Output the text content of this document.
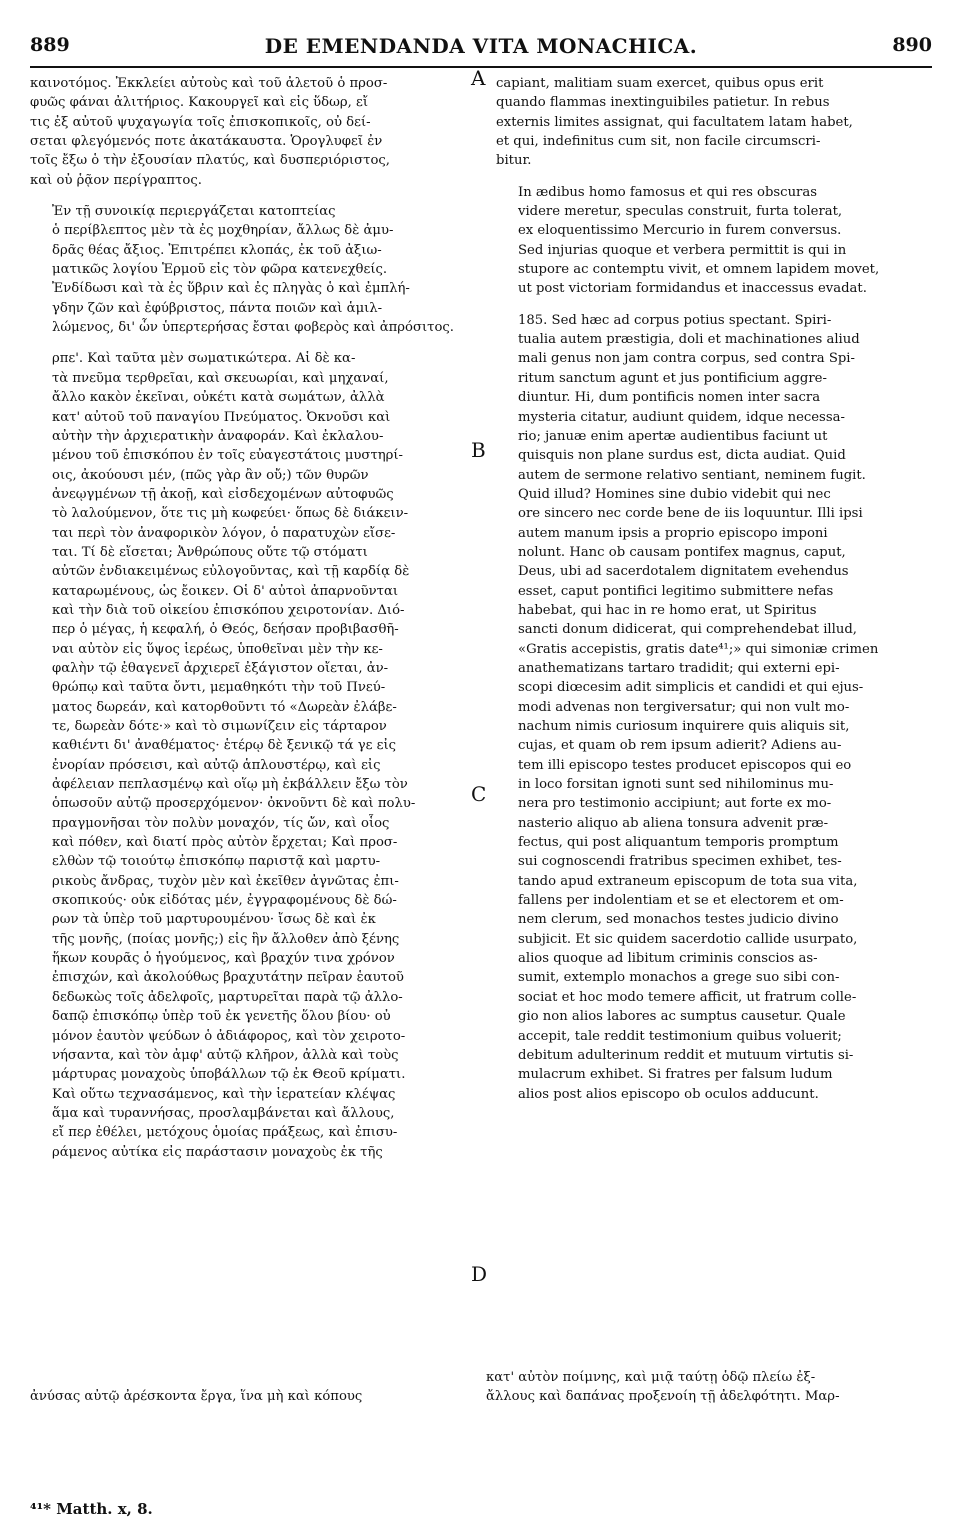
889	DE EMENDANDA VITA MONACHICA.	890
καινοτόμος. Ἐκκλείει αὐτοὺς καὶ τοῦ ἀλετοῦ ὁ προσ-
φυῶς φάναι ἀλιτήριος. Κακουργεῖ καὶ εἰς ὕδωρ, εἴ
τις ἐξ αὐτοῦ ψυχαγωγία τοῖς ἐπισκοπικοῖς, οὐ δεί-
σεται φλεγόμενός ποτε ἀκατάκαυστα. Ὁρογλυφεῖ ἐν
τοῖς ἔξω ὁ τὴν ἐξουσίαν πλατύς, καὶ δυσπεριόριστος,
καὶ οὐ ῥᾷον περίγραπτος.
Ἐν τῇ συνοικίᾳ περιεργάζεται κατοπτείας
ὁ περίβλεπτος μὲν τὰ ἐς μοχθηρίαν, ἄλλως δὲ ἀμυ-
δρᾶς θέας ἄξιος. Ἐπιτρέπει κλοπάς, ἐκ τοῦ ἀξιω-
ματικῶς λογίου Ἑρμοῦ εἰς τὸν φῶρα κατενεχθείς.
Ἐνδίδωσι καὶ τὰ ἐς ὕβριν καὶ ἐς πληγὰς ὁ καὶ ἐμπλή-
γδην ζῶν καὶ ἐφύβριστος, πάντα ποιῶν καὶ ἁμιλ-
λώμενος, δι' ὧν ὑπερτερήσας ἔσται φοβερὸς καὶ ἀπρόσιτος.
ρπε'. Καὶ ταῦτα μὲν σωματικώτερα. Αἱ δὲ κα-
τὰ πνεῦμα τερθρεῖαι, καὶ σκευωρίαι, καὶ μηχαναί,
ἄλλο κακὸν ἐκεῖναι, οὐκέτι κατὰ σωμάτων, ἀλλὰ
κατ' αὐτοῦ τοῦ παναγίου Πνεύματος. Ὀκνοῦσι καὶ
αὐτὴν τὴν ἀρχιερατικὴν ἀναφοράν. Καὶ ἐκλαλου-
μένου τοῦ ἐπισκόπου ἐν τοῖς εὐαγεστάτοις μυστηρί-
οις, ἀκούουσι μέν, (πῶς γὰρ ἂν οὔ;) τῶν θυρῶν
ἀνεῳγμένων τῇ ἀκοῇ, καὶ εἰσδεχομένων αὐτοφυῶς
τὸ λαλούμενον, ὅτε τις μὴ κωφεύει· ὅπως δὲ διάκειν-
ται περὶ τὸν ἀναφορικὸν λόγον, ὁ παρατυχὼν εἴσε-
ται. Τί δὲ εἴσεται; Ἀνθρώπους οὔτε τῷ στόματι
αὐτῶν ἐνδιακειμένως εὐλογοῦντας, καὶ τῇ καρδίᾳ δὲ
καταρωμένους, ὡς ἔοικεν. Οἱ δ' αὐτοὶ ἀπαρνοῦνται
καὶ τὴν διὰ τοῦ οἰκείου ἐπισκόπου χειροτονίαν. Διό-
περ ὁ μέγας, ἡ κεφαλή, ὁ Θεός, δεήσαν προβιβασθῆ-
ναι αὐτὸν εἰς ὕψος ἱερέως, ὑποθεῖναι μὲν τὴν κε-
φαλὴν τῷ ἐθαγενεῖ ἀρχιερεῖ ἐξάγιστον οἴεται, ἀν-
θρώπῳ καὶ ταῦτα ὄντι, μεμαθηκότι τὴν τοῦ Πνεύ-
ματος δωρεάν, καὶ κατορθοῦντι τό «Δωρεὰν ἐλάβε-
τε, δωρεὰν δότε·» καὶ τὸ σιμωνίζειν εἰς τάρταρον
καθιέντι δι' ἀναθέματος· ἑτέρῳ δὲ ξενικῷ τά γε εἰς
ἐνορίαν πρόσεισι, καὶ αὐτῷ ἁπλουστέρῳ, καὶ εἰς
ἀφέλειαν πεπλασμένῳ καὶ οἵῳ μὴ ἐκβάλλειν ἔξω τὸν
ὁπωσοῦν αὐτῷ προσερχόμενον· ὀκνοῦντι δὲ καὶ πολυ-
πραγμονῆσαι τὸν πολὺν μοναχόν, τίς ὤν, καὶ οἷος
καὶ πόθεν, καὶ διατί πρὸς αὐτὸν ἔρχεται; Καὶ προσ-
ελθὼν τῷ τοιούτῳ ἐπισκόπῳ παριστᾷ καὶ μαρτυ-
ρικοὺς ἄνδρας, τυχὸν μὲν καὶ ἐκεῖθεν ἀγνῶτας ἐπι-
σκοπικούς· οὐκ εἰδότας μέν, ἐγγραφομένους δὲ δώ-
ρων τὰ ὑπὲρ τοῦ μαρτυρουμένου· ἴσως δὲ καὶ ἐκ
τῆς μονῆς, (ποίας μονῆς;) εἰς ἣν ἄλλοθεν ἀπὸ ξένης
ἥκων κουρᾶς ὁ ἡγούμενος, καὶ βραχύν τινα χρόνον
ἐπισχών, καὶ ἀκολούθως βραχυτάτην πεῖραν ἑαυτοῦ
δεδωκὼς τοῖς ἀδελφοῖς, μαρτυρεῖται παρὰ τῷ ἀλλο-
δαπῷ ἐπισκόπῳ ὑπὲρ τοῦ ἐκ γενετῆς ὅλου βίου· οὐ
μόνον ἑαυτὸν ψεύδων ὁ ἀδιάφορος, καὶ τὸν χειροτο-
νήσαντα, καὶ τὸν ἀμφ' αὐτῷ κλῆρον, ἀλλὰ καὶ τοὺς
μάρτυρας μοναχοὺς ὑποβάλλων τῷ ἐκ Θεοῦ κρίματι.
Καὶ οὕτω τεχνασάμενος, καὶ τὴν ἱερατείαν κλέψας
ἅμα καὶ τυραννήσας, προσλαμβάνεται καὶ ἄλλους,
εἴ περ ἐθέλει, μετόχους ὁμοίας πράξεως, καὶ ἐπισυ-
ράμενος αὐτίκα εἰς παράστασιν μοναχοὺς ἐκ τῆς
capiant, malitiam suam exercet, quibus opus erit
quando flammas inextinguibiles patietur. In rebus
externis limites assignat, qui facultatem latam habet,
et qui, indefinitus cum sit, non facile circumscri-
bitur.
In ædibus homo famosus et qui res obscuras
videre meretur, speculas construit, furta tolerat,
ex eloquentissimo Mercurio in furem conversus.
Sed injurias quoque et verbera permittit is qui in
stupore ac contemptu vivit, et omnem lapidem movet,
ut post victoriam formidandus et inaccessus evadat.
185. Sed hæc ad corpus potius spectant. Spiri-
tualia autem præstigia, doli et machinationes aliud
mali genus non jam contra corpus, sed contra Spi-
ritum sanctum agunt et jus pontificium aggre-
diuntur. Hi, dum pontificis nomen inter sacra
mysteria citatur, audiunt quidem, idque necessa-
rio; januæ enim apertæ audientibus faciunt ut
quisquis non plane surdus est, dicta audiat. Quid
autem de sermone relativo sentiant, neminem fugit.
Quid illud? Homines sine dubio videbit qui nec
ore sincero nec corde bene de iis loquuntur. Illi ipsi
autem manum ipsis a proprio episcopo imponi
nolunt. Hanc ob causam pontifex magnus, caput,
Deus, ubi ad sacerdotalem dignitatem evehendus
esset, caput pontifici legitimo submittere nefas
habebat, qui hac in re homo erat, ut Spiritus
sancti donum didicerat, qui comprehendebat illud,
«Gratis accepistis, gratis date⁴¹;» qui simoniæ crimen
anathematizans tartaro tradidit; qui externi epi-
scopi diœcesim adit simplicis et candidi et qui ejus-
modi advenas non tergiversatur; qui non vult mo-
nachum nimis curiosum inquirere quis aliquis sit,
cujas, et quam ob rem ipsum adierit? Adiens au-
tem illi episcopo testes producet episcopos qui eo
in loco forsitan ignoti sunt sed nihilominus mu-
nera pro testimonio accipiunt; aut forte ex mo-
nasterio aliquo ab aliena tonsura advenit præ-
fectus, qui post aliquantum temporis promptum
sui cognoscendi fratribus specimen exhibet, tes-
tando apud extraneum episcopum de tota sua vita,
fallens per indolentiam et se et electorem et om-
nem clerum, sed monachos testes judicio divino
subjicit. Et sic quidem sacerdotio callide usurpato,
alios quoque ad libitum criminis conscios as-
sumit, extemplo monachos a grege suo sibi con-
sociat et hoc modo temere afficit, ut fratrum colle-
gio non alios labores ac sumptus causetur. Quale
accepit, tale reddit testimonium quibus voluerit;
debitum adulterinum reddit et mutuum virtutis si-
mulacrum exhibet. Si fratres per falsum ludum
alios post alios episcopo ob oculos adducunt.
A
B
C
D
ἀνύσας αὐτῷ ἀρέσκοντα ἔργα, ἵνα μὴ καὶ κόπους
κατ' αὐτὸν ποίμνης, καὶ μιᾷ ταύτῃ ὁδῷ πλείω ἐξ-
ἄλλους καὶ δαπάνας προξενοίη τῇ ἀδελφότητι. Μαρ-
⁴¹* Matth. x, 8.
